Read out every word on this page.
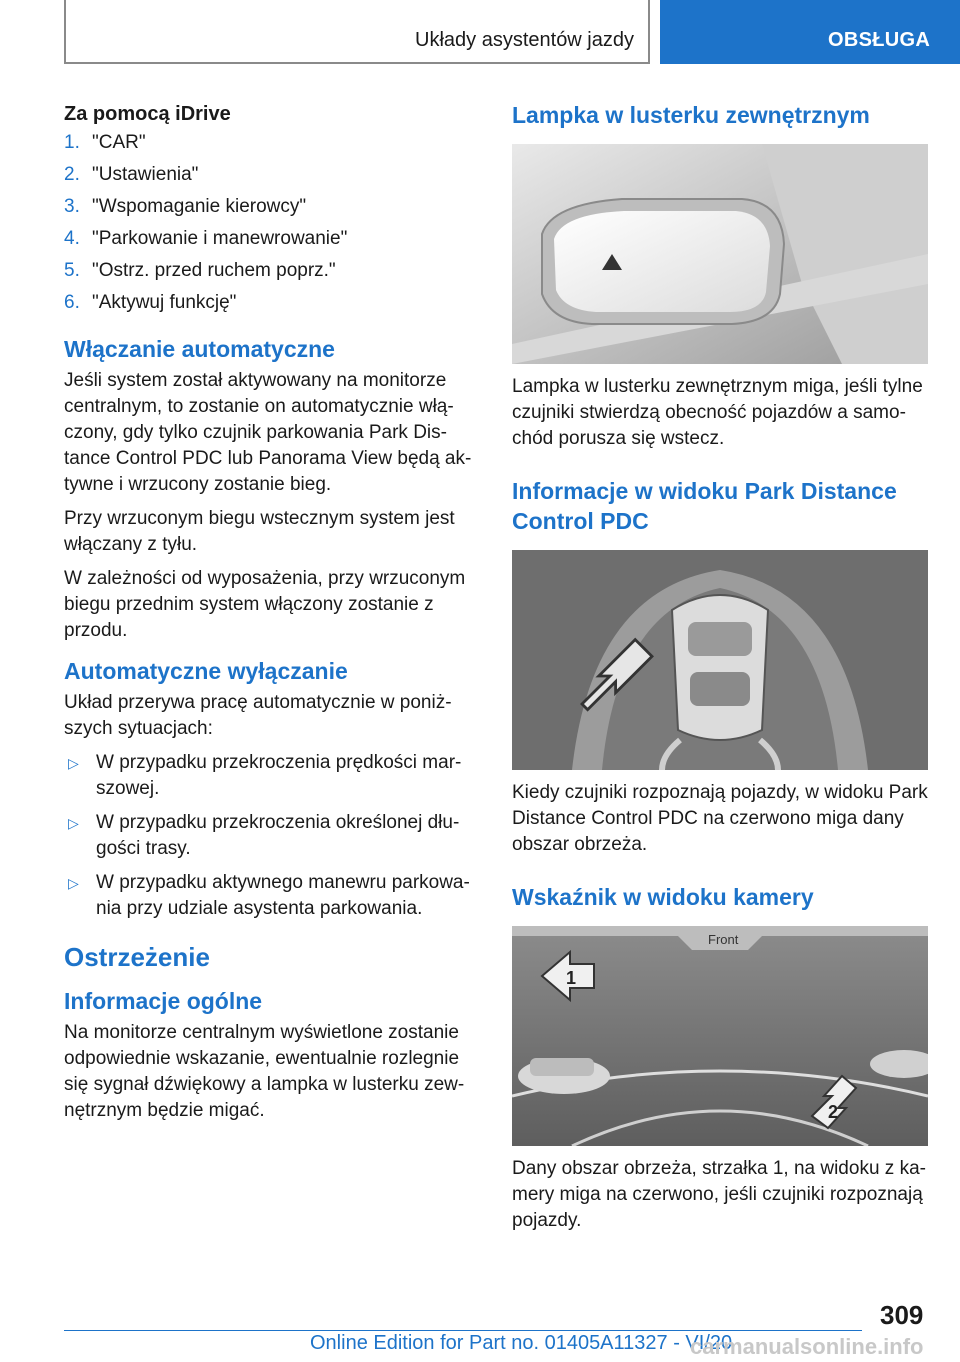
Układy asystentów jazdy	OBSŁUGA
Za pomocą iDrive
1. "CAR"
2. "Ustawienia"
3. "Wspomaganie kierowcy"
4. "Parkowanie i manewrowanie"
5. "Ostrz. przed ruchem poprz."
6. "Aktywuj funkcję"
Włączanie automatyczne

Jeśli system został aktywowany na monitorze centralnym, to zostanie on automatycznie włą‐ czony, gdy tylko czujnik parkowania Park Dis‐ tance Control PDC lub Panorama View będą ak‐ tywne i wrzucony zostanie bieg.

Przy wrzuconym biegu wstecznym system jest włączany z tyłu.

W zależności od wyposażenia, przy wrzuconym biegu przednim system włączony zostanie z przodu.

Automatyczne wyłączanie

Układ przerywa pracę automatycznie w poniż‐ szych sytuacjach:

▷ W przypadku przekroczenia prędkości mar‐ szowej.
▷ W przypadku przekroczenia określonej dłu‐ gości trasy.
▷ W przypadku aktywnego manewru parkowa‐ nia przy udziale asystenta parkowania.
Ostrzeżenie
Informacje ogólne

Na monitorze centralnym wyświetlone zostanie odpowiednie wskazanie, ewentualnie rozlegnie się sygnał dźwiękowy a lampka w lusterku zew‐ nętrznym będzie migać.

Lampka w lusterku zewnętrznym

Lampka w lusterku zewnętrznym miga, jeśli tylne czujniki stwierdzą obecność pojazdów a samo‐ chód porusza się wstecz.

Informacje w widoku Park Distance Control PDC

Kiedy czujniki rozpoznają pojazdy, w widoku Park Distance Control PDC na czerwono miga dany obszar obrzeża.

Wskaźnik w widoku kamery
Front
1
2

Dany obszar obrzeża, strzałka 1, na widoku z ka‐ mery miga na czerwono, jeśli czujniki rozpoznają pojazdy.

309
Online Edition for Part no. 01405A11327 - VI/20
carmanualsonline.info
